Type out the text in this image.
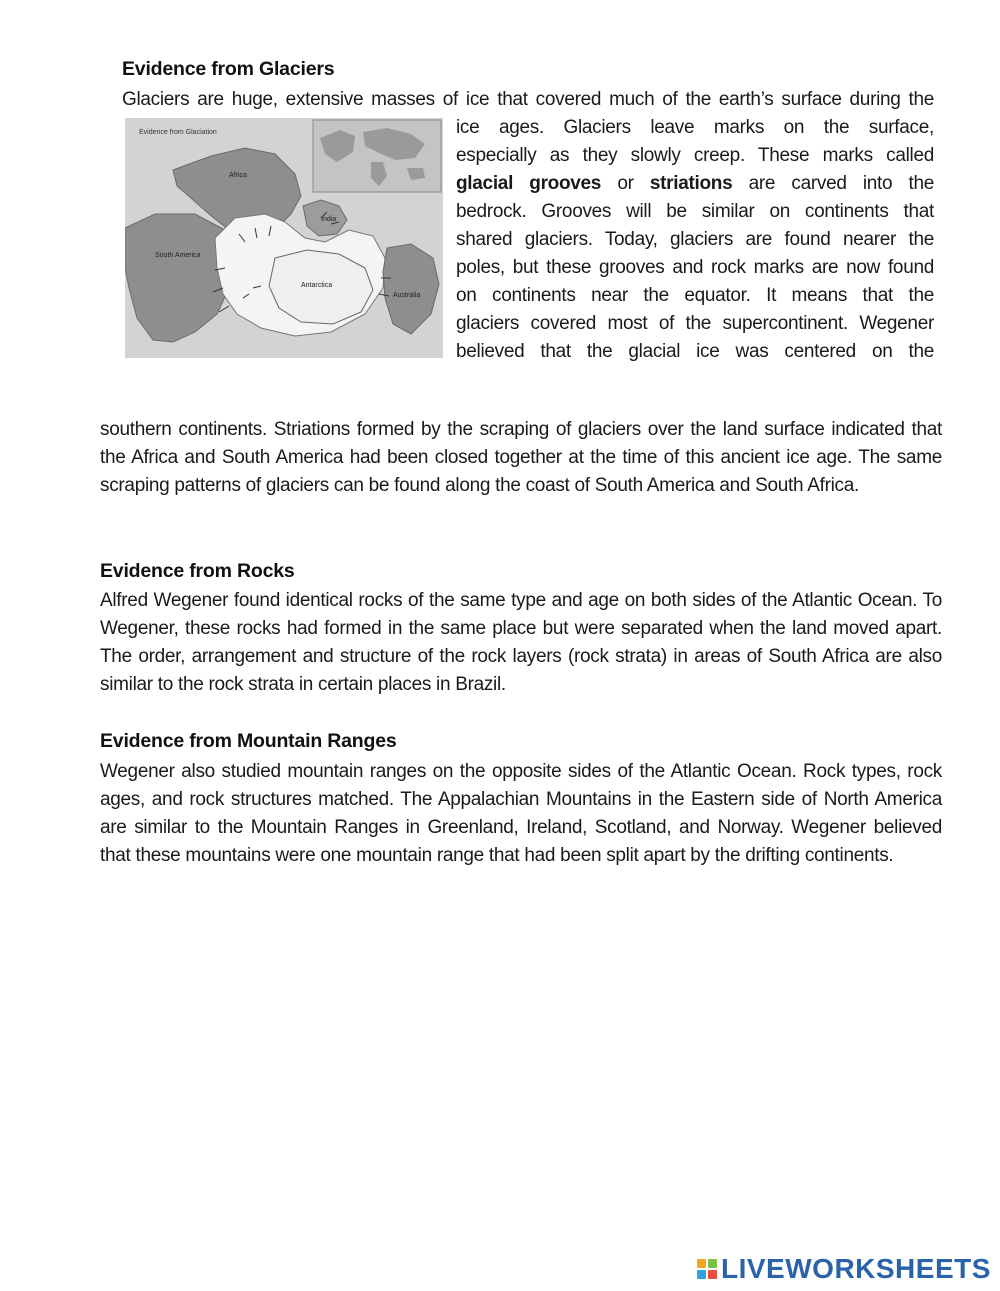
Evidence from Glaciers

Glaciers are huge, extensive masses of ice that covered much of the earth’s surface during the

Evidence from Glaciation
Africa
India
South America
Antarctica
Australia

ice ages. Glaciers leave marks on the surface,
especially as they slowly creep. These marks called
glacial grooves or striations are carved into the
bedrock. Grooves will be similar on continents that
shared glaciers. Today, glaciers are found nearer the
poles, but these grooves and rock marks are now found
on continents near the equator. It means that the
glaciers covered most of the supercontinent. Wegener
believed that the glacial ice was centered on the

southern continents. Striations formed by the scraping of glaciers over the land surface indicated that the Africa and South America had been closed together at the time of this ancient ice age. The same scraping patterns of glaciers can be found along the coast of South America and South Africa.

Evidence from Rocks

Alfred Wegener found identical rocks of the same type and age on both sides of the Atlantic Ocean. To Wegener, these rocks had formed in the same place but were separated when the land moved apart. The order, arrangement and structure of the rock layers (rock strata) in areas of South Africa are also similar to the rock strata in certain places in Brazil.

Evidence from Mountain Ranges

Wegener also studied mountain ranges on the opposite sides of the Atlantic Ocean. Rock types, rock ages, and rock structures matched. The Appalachian Mountains in the Eastern side of North America are similar to the Mountain Ranges in Greenland, Ireland, Scotland, and Norway. Wegener believed that these mountains were one mountain range that had been split apart by the drifting continents.

LIVEWORKSHEETS
